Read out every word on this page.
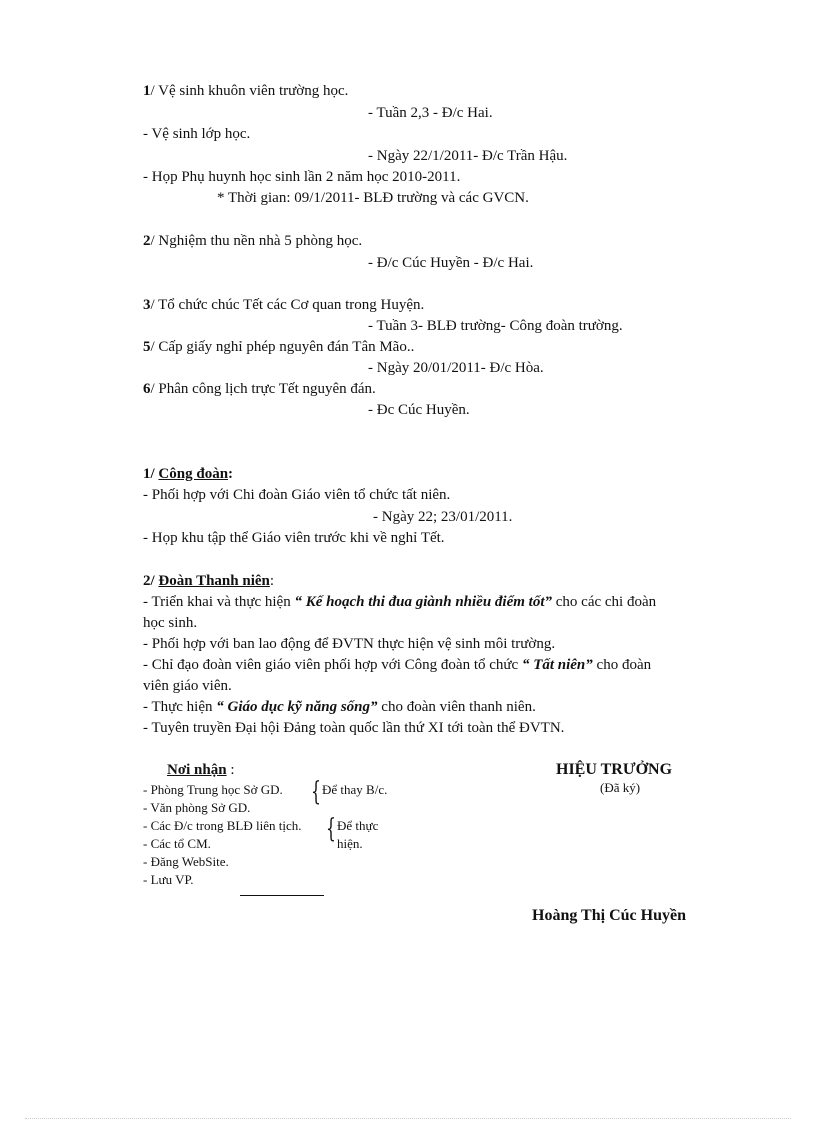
1/ Vệ sinh khuôn viên trường học.
- Tuần 2,3 - Đ/c Hai.
- Vệ sinh lớp học.
- Ngày 22/1/2011- Đ/c Trần Hậu.
- Họp Phụ huynh học sinh lần 2 năm học 2010-2011.
* Thời gian: 09/1/2011- BLĐ trường và các GVCN.
2/ Nghiệm thu nền nhà 5 phòng học.
- Đ/c Cúc Huyền - Đ/c Hai.
3/ Tổ chức chúc Tết các Cơ quan trong Huyện.
- Tuần 3- BLĐ trường- Công đoàn trường.
5/ Cấp giấy nghỉ phép nguyên đán Tân Mão..
- Ngày 20/01/2011- Đ/c Hòa.
6/ Phân công lịch trực Tết nguyên đán.
- Đc Cúc Huyền.
1/ Công đoàn:
- Phối hợp với Chi đoàn Giáo viên tổ chức tất niên.
- Ngày 22; 23/01/2011.
- Họp khu tập thể Giáo viên trước khi về nghỉ Tết.
2/ Đoàn Thanh niên:
- Triển khai và thực hiện “ Kế hoạch thi đua giành nhiều điểm tốt” cho các chi đoàn
học sinh.
- Phối hợp với ban lao động để ĐVTN thực hiện vệ sinh môi trường.
- Chỉ đạo đoàn viên giáo viên phối hợp với Công đoàn tổ chức “ Tất niên” cho đoàn
viên giáo viên.
- Thực hiện “ Giáo dục kỹ năng sống” cho đoàn viên thanh niên.
- Tuyên truyền Đại hội Đảng toàn quốc lần thứ XI tới toàn thể ĐVTN.
Nơi nhận :
- Phòng Trung học Sở GD.
- Văn phòng Sở GD.
- Các Đ/c trong BLĐ liên tịch.
- Các tổ CM.
- Đăng WebSite.
- Lưu VP.
{ Để thay B/c.
{ Để thực
hiện.
HIỆU TRƯỞNG
(Đã ký)
Hoàng Thị Cúc Huyền
